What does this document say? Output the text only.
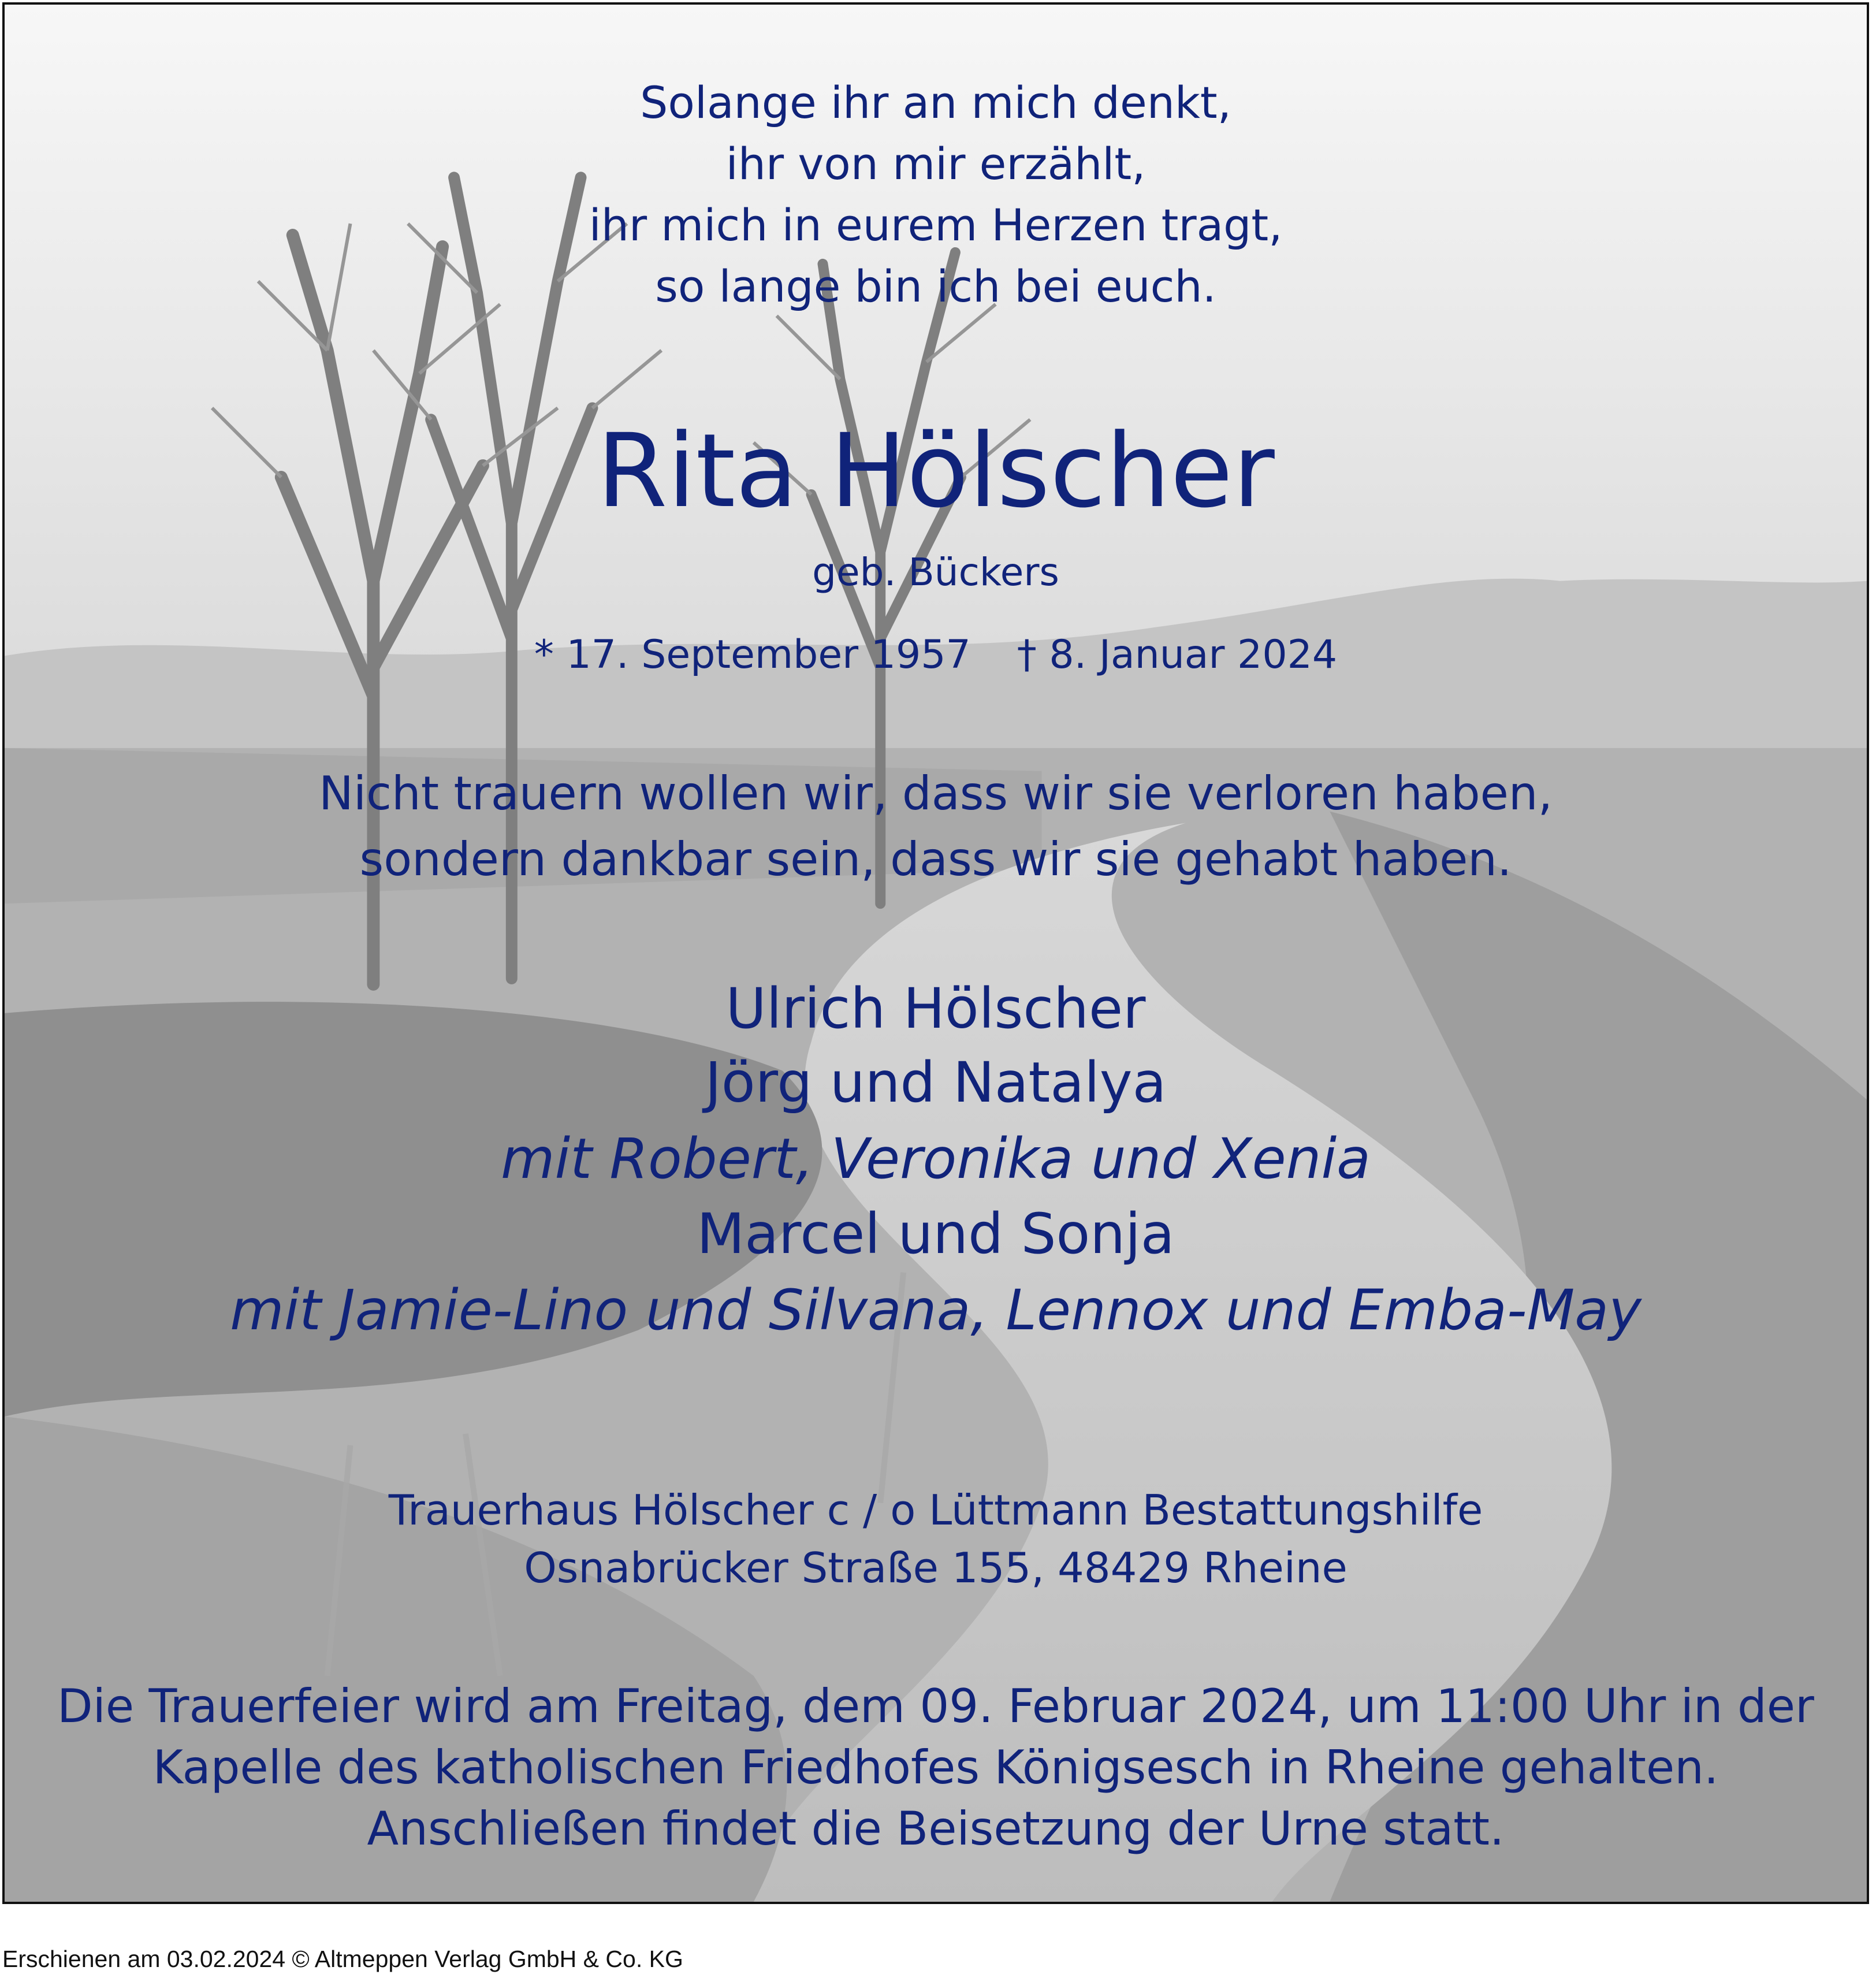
Solange ihr an mich denkt,
ihr von mir erzählt,
ihr mich in eurem Herzen tragt,
so lange bin ich bei euch.
Rita Hölscher
geb. Bückers
* 17. September 1957 † 8. Januar 2024
Nicht trauern wollen wir, dass wir sie verloren haben,
sondern dankbar sein, dass wir sie gehabt haben.
Ulrich Hölscher
Jörg und Natalya
mit Robert, Veronika und Xenia
Marcel und Sonja
mit Jamie-Lino und Silvana, Lennox und Emba-May
Trauerhaus Hölscher c / o Lüttmann Bestattungshilfe
Osnabrücker Straße 155, 48429 Rheine
Die Trauerfeier wird am Freitag, dem 09. Februar 2024, um 11:00 Uhr in der
Kapelle des katholischen Friedhofes Königsesch in Rheine gehalten.
Anschließen findet die Beisetzung der Urne statt.
Erschienen am 03.02.2024 © Altmeppen Verlag GmbH & Co. KG
